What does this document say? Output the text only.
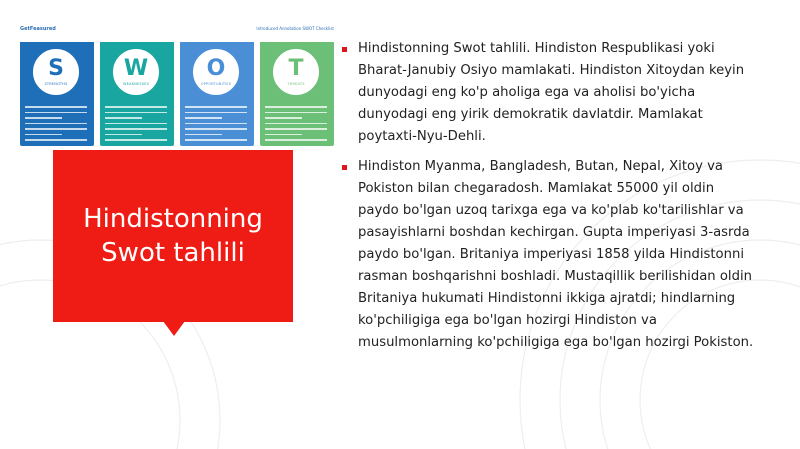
GetFeasured	Introduced Annotation SWOT Checklist
S
STRENGTHS
W
WEAKNESSES
O
OPPORTUNITIES
T
THREATS
Hindistonning Swot tahlili
Hindistonning Swot tahlili. Hindiston Respublikasi yoki Bharat-Janubiy Osiyo mamlakati. Hindiston Xitoydan keyin dunyodagi eng ko'p aholiga ega va aholisi bo'yicha dunyodagi eng yirik demokratik davlatdir. Mamlakat poytaxti-Nyu-Dehli.
Hindiston Myanma, Bangladesh, Butan, Nepal, Xitoy va Pokiston bilan chegaradosh. Mamlakat 55000 yil oldin paydo bo'lgan uzoq tarixga ega va ko'plab ko'tarilishlar va pasayishlarni boshdan kechirgan. Gupta imperiyasi 3-asrda paydo bo'lgan. Britaniya imperiyasi 1858 yilda Hindistonni rasman boshqarishni boshladi. Mustaqillik berilishidan oldin Britaniya hukumati Hindistonni ikkiga ajratdi; hindlarning ko'pchiligiga ega bo'lgan hozirgi Hindiston va musulmonlarning ko'pchiligiga ega bo'lgan hozirgi Pokiston.
